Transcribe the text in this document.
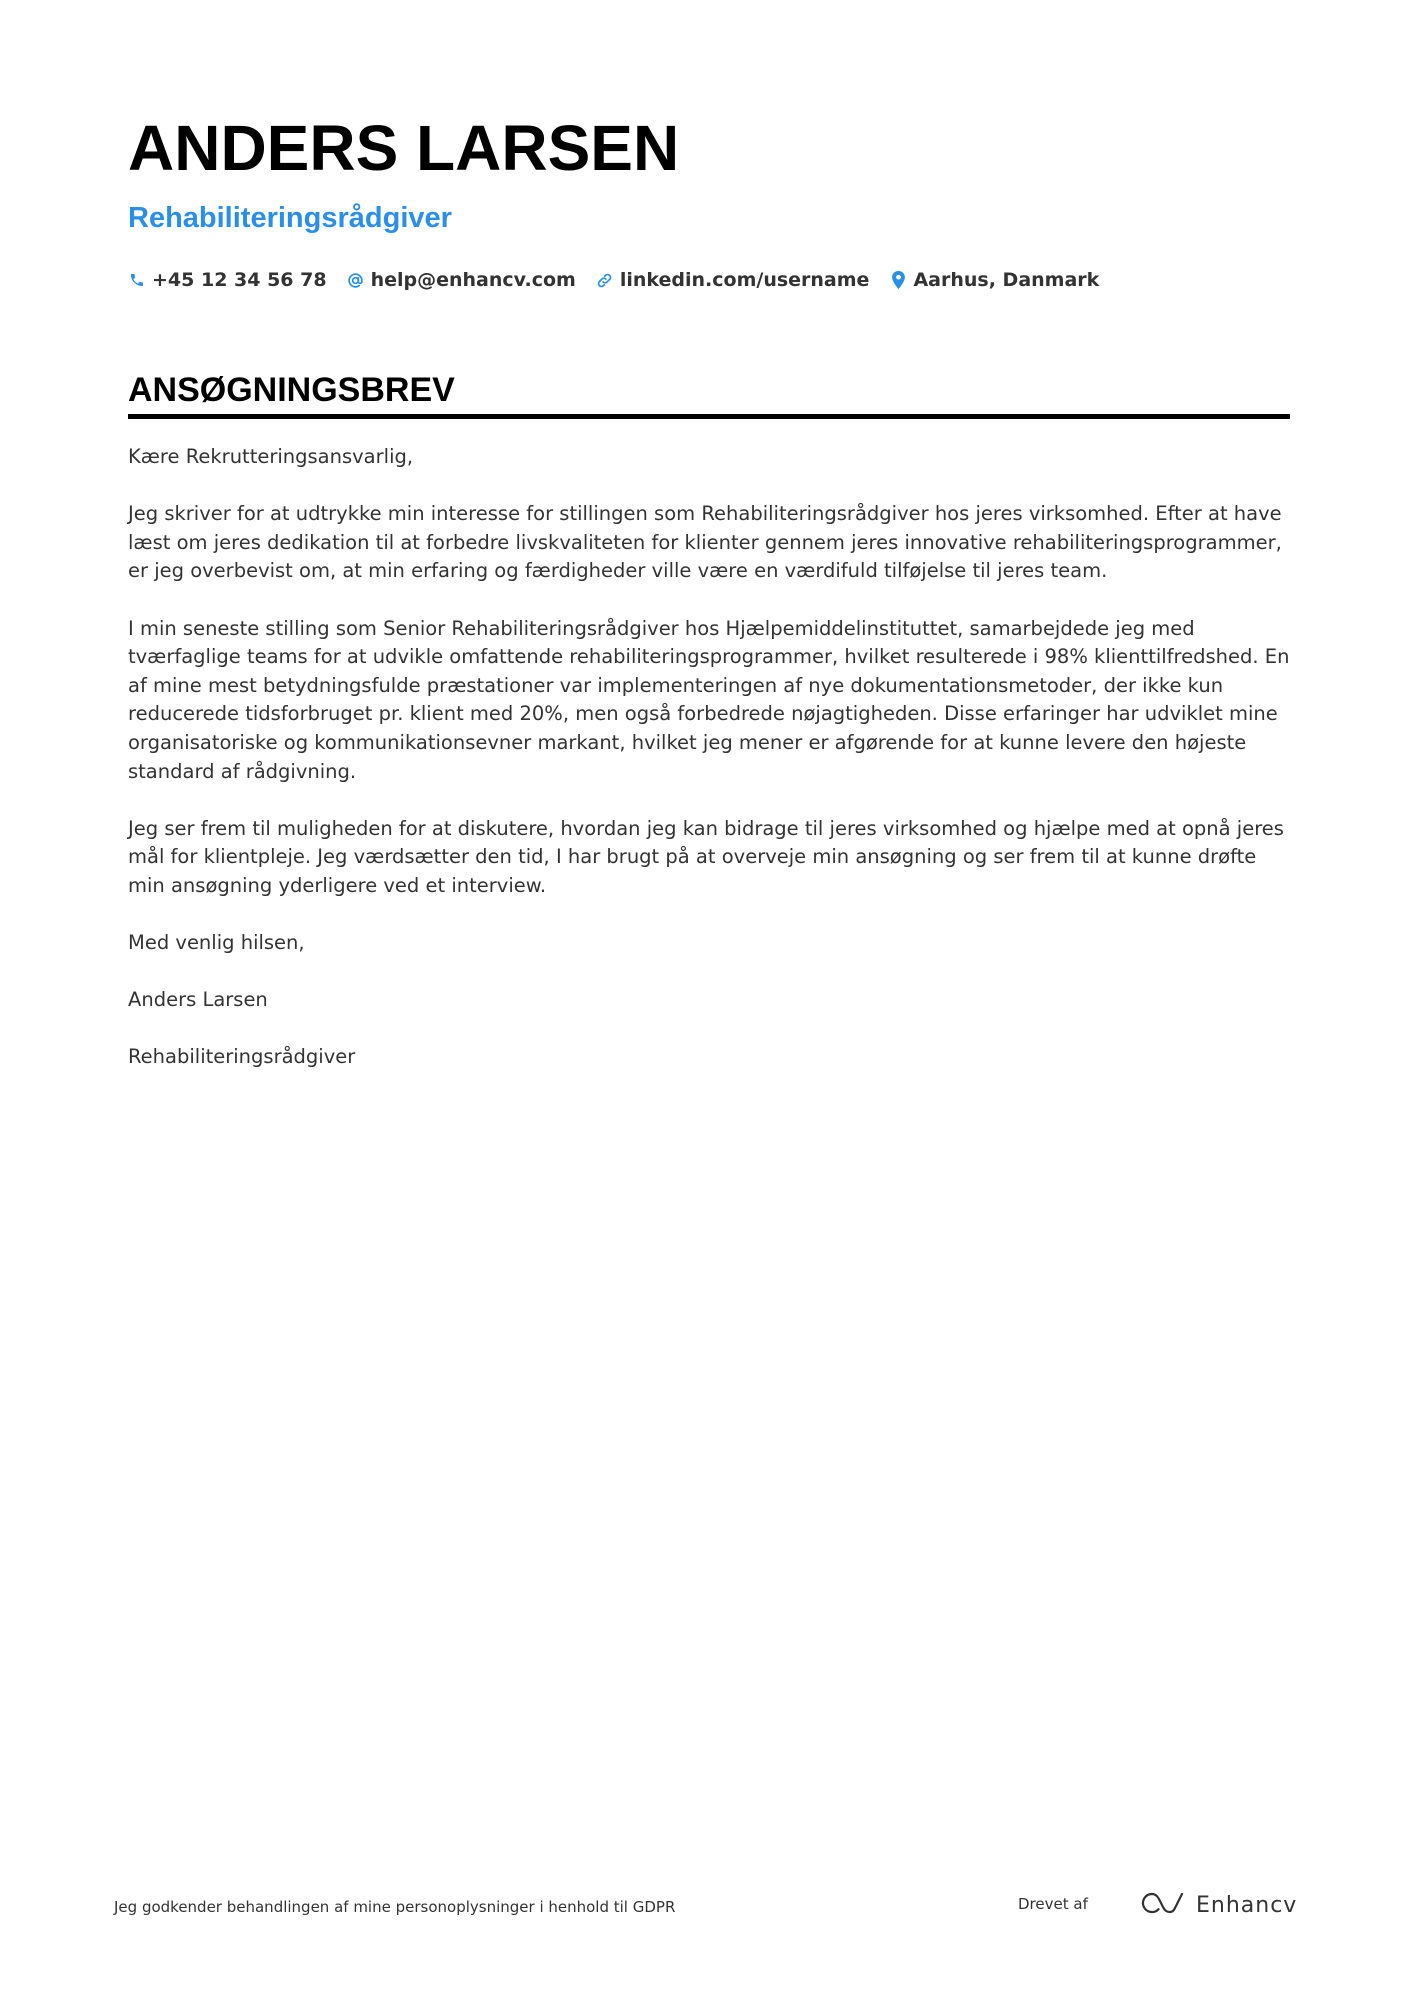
ANDERS LARSEN
Rehabiliteringsrådgiver
+45 12 34 56 78 help@enhancv.com linkedin.com/username Aarhus, Danmark
ANSØGNINGSBREV

Kære Rekrutteringsansvarlig,

Jeg skriver for at udtrykke min interesse for stillingen som Rehabiliteringsrådgiver hos jeres virksomhed. Efter at have læst om jeres dedikation til at forbedre livskvaliteten for klienter gennem jeres innovative rehabiliteringsprogrammer, er jeg overbevist om, at min erfaring og færdigheder ville være en værdifuld tilføjelse til jeres team.

I min seneste stilling som Senior Rehabiliteringsrådgiver hos Hjælpemiddelinstituttet, samarbejdede jeg med tværfaglige teams for at udvikle omfattende rehabiliteringsprogrammer, hvilket resulterede i 98% klienttilfredshed. En af mine mest betydningsfulde præstationer var implementeringen af nye dokumentationsmetoder, der ikke kun reducerede tidsforbruget pr. klient med 20%, men også forbedrede nøjagtigheden. Disse erfaringer har udviklet mine organisatoriske og kommunikationsevner markant, hvilket jeg mener er afgørende for at kunne levere den højeste standard af rådgivning.

Jeg ser frem til muligheden for at diskutere, hvordan jeg kan bidrage til jeres virksomhed og hjælpe med at opnå jeres mål for klientpleje. Jeg værdsætter den tid, I har brugt på at overveje min ansøgning og ser frem til at kunne drøfte min ansøgning yderligere ved et interview.

Med venlig hilsen,

Anders Larsen

Rehabiliteringsrådgiver

Jeg godkender behandlingen af mine personoplysninger i henhold til GDPR	Drevet af	Enhancv
